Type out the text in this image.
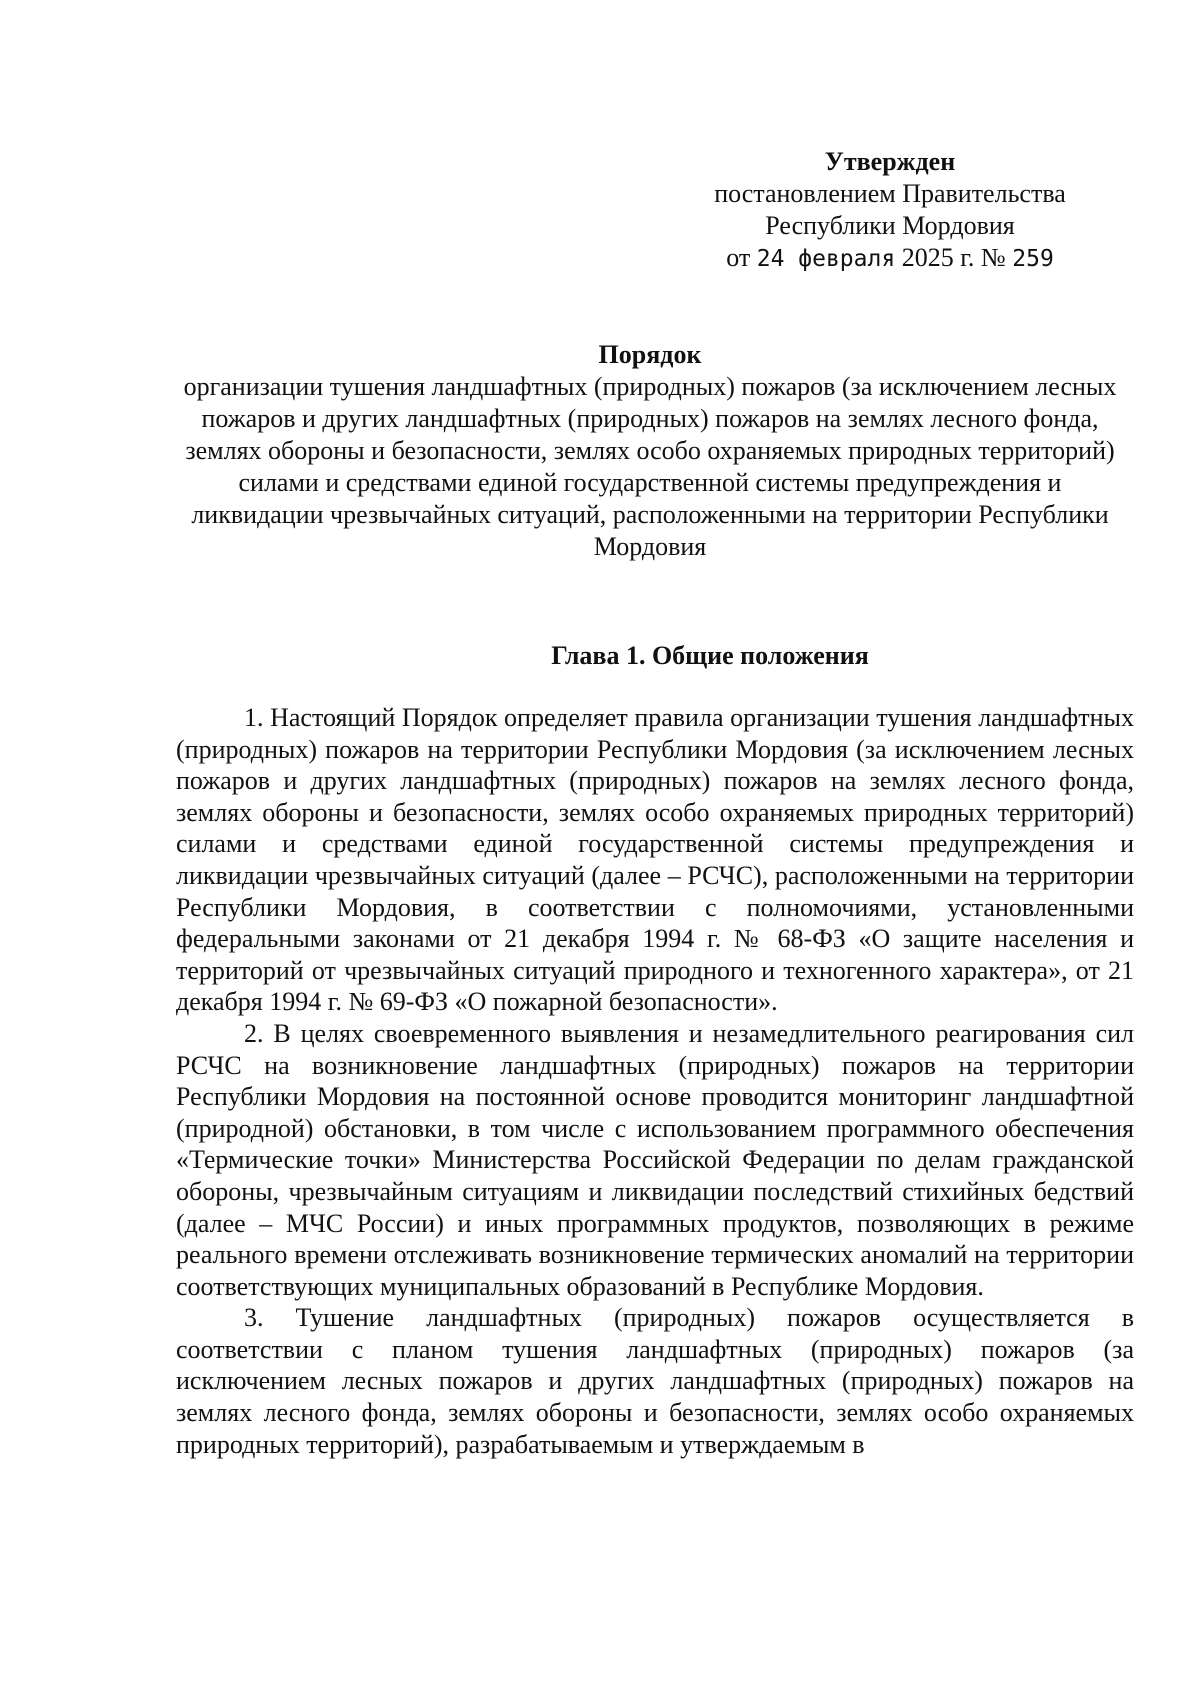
Утвержден
постановлением Правительства
Республики Мордовия
от 24 февраля 2025 г. № 259
Порядок
организации тушения ландшафтных (природных) пожаров (за исключением лесных пожаров и других ландшафтных (природных) пожаров на землях лесного фонда, землях обороны и безопасности, землях особо охраняемых природных территорий) силами и средствами единой государственной системы предупреждения и ликвидации чрезвычайных ситуаций, расположенными на территории Республики Мордовия
Глава 1. Общие положения

1. Настоящий Порядок определяет правила организации тушения ландшафтных (природных) пожаров на территории Республики Мордовия (за исключением лесных пожаров и других ландшафтных (природных) пожаров на землях лесного фонда, землях обороны и безопасности, землях особо охраняемых природных территорий) силами и средствами единой государственной системы предупреждения и ликвидации чрезвычайных ситуаций (далее – РСЧС), расположенными на территории Республики Мордовия, в соответствии с полномочиями, установленными федеральными законами от 21 декабря 1994 г. № 68-ФЗ «О защите населения и территорий от чрезвычайных ситуаций природного и техногенного характера», от 21 декабря 1994 г. № 69-ФЗ «О пожарной безопасности».

2. В целях своевременного выявления и незамедлительного реагирования сил РСЧС на возникновение ландшафтных (природных) пожаров на территории Республики Мордовия на постоянной основе проводится мониторинг ландшафтной (природной) обстановки, в том числе с использованием программного обеспечения «Термические точки» Министерства Российской Федерации по делам гражданской обороны, чрезвычайным ситуациям и ликвидации последствий стихийных бедствий (далее – МЧС России) и иных программных продуктов, позволяющих в режиме реального времени отслеживать возникновение термических аномалий на территории соответствующих муниципальных образований в Республике Мордовия.

3. Тушение ландшафтных (природных) пожаров осуществляется в соответствии с планом тушения ландшафтных (природных) пожаров (за исключением лесных пожаров и других ландшафтных (природных) пожаров на землях лесного фонда, землях обороны и безопасности, землях особо охраняемых природных территорий), разрабатываемым и утверждаемым в
